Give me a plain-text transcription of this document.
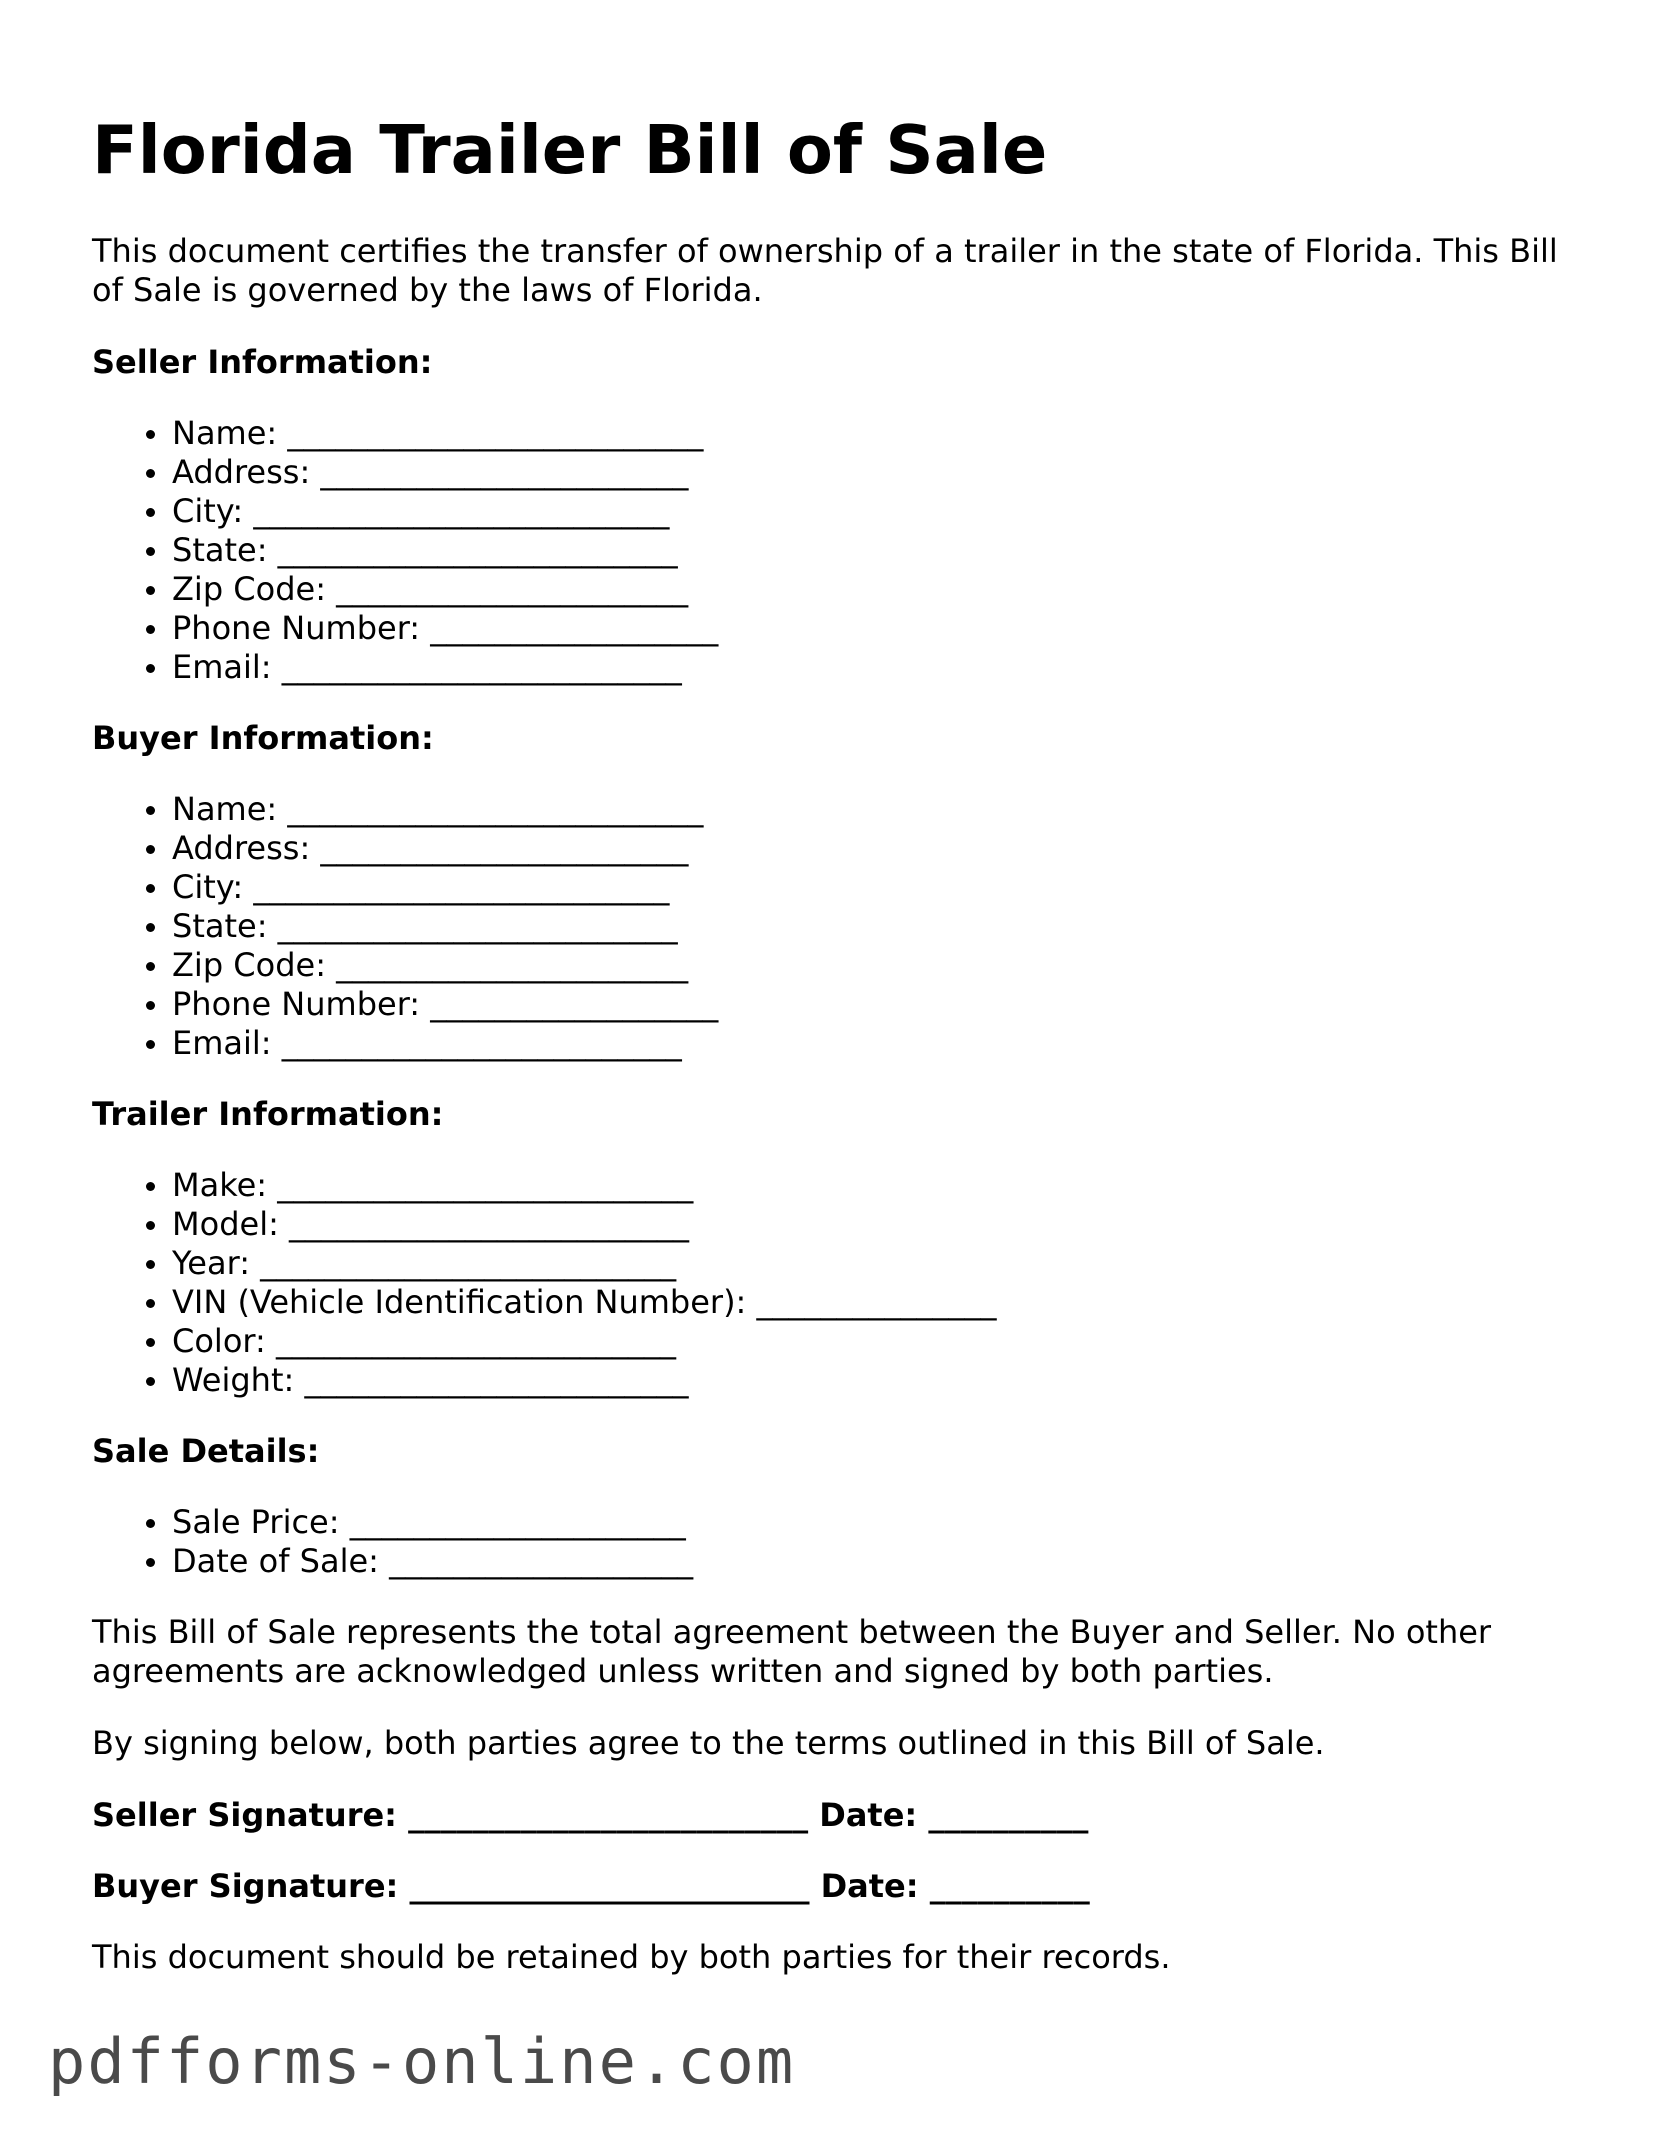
Florida Trailer Bill of Sale

This document certifies the transfer of ownership of a trailer in the state of Florida. This Bill of Sale is governed by the laws of Florida.

Seller Information:
Name: __________________________
Address: _______________________
City: __________________________
State: _________________________
Zip Code: ______________________
Phone Number: __________________
Email: _________________________
Buyer Information:
Name: __________________________
Address: _______________________
City: __________________________
State: _________________________
Zip Code: ______________________
Phone Number: __________________
Email: _________________________
Trailer Information:
Make: __________________________
Model: _________________________
Year: __________________________
VIN (Vehicle Identification Number): _______________
Color: _________________________
Weight: ________________________
Sale Details:
Sale Price: _____________________
Date of Sale: ___________________

This Bill of Sale represents the total agreement between the Buyer and Seller. No other agreements are acknowledged unless written and signed by both parties.

By signing below, both parties agree to the terms outlined in this Bill of Sale.

Seller Signature: _________________________ Date: __________
Buyer Signature: _________________________ Date: __________

This document should be retained by both parties for their records.

pdfforms-online.com
